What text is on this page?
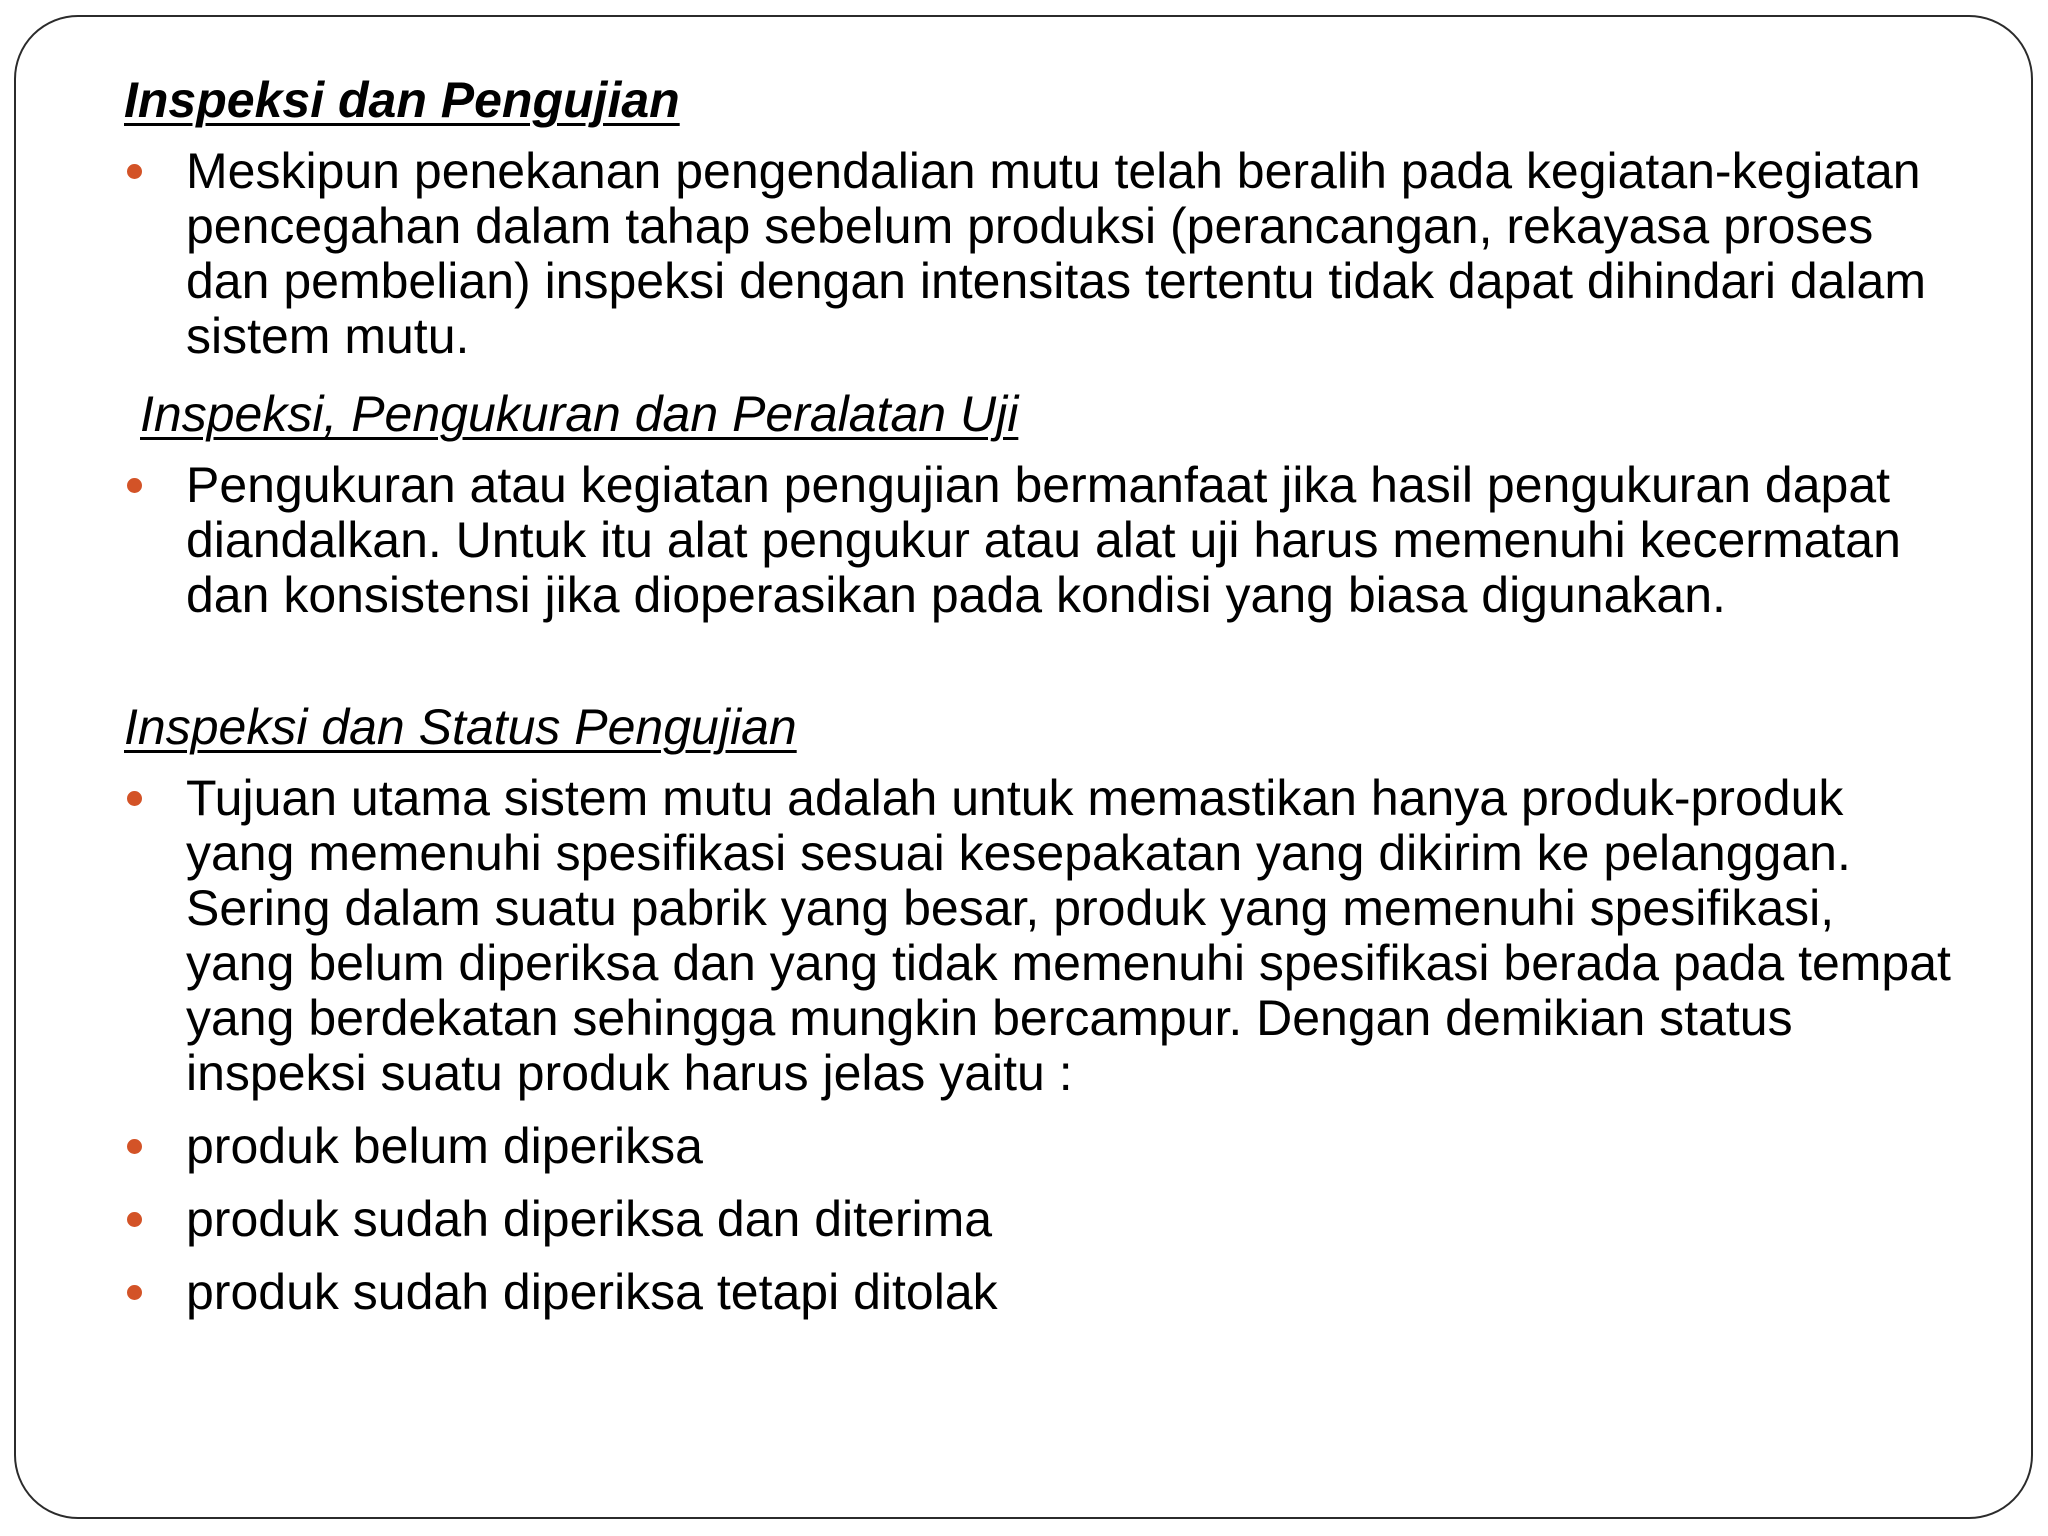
Inspeksi dan Pengujian
Meskipun penekanan pengendalian mutu telah beralih pada kegiatan-kegiatan pencegahan dalam tahap sebelum produksi (perancangan, rekayasa proses dan pembelian) inspeksi dengan intensitas tertentu tidak dapat dihindari dalam sistem mutu.
Inspeksi, Pengukuran dan Peralatan Uji
Pengukuran atau kegiatan pengujian bermanfaat jika hasil pengukuran dapat diandalkan. Untuk itu alat pengukur atau alat uji harus memenuhi kecermatan dan konsistensi jika dioperasikan pada kondisi yang biasa digunakan.
Inspeksi dan Status Pengujian
Tujuan utama sistem mutu adalah untuk memastikan hanya produk-produk yang memenuhi spesifikasi sesuai kesepakatan yang dikirim ke pelanggan. Sering dalam suatu pabrik yang besar, produk yang memenuhi spesifikasi, yang belum diperiksa dan yang tidak memenuhi spesifikasi berada pada tempat yang berdekatan sehingga mungkin bercampur. Dengan demikian status inspeksi suatu produk harus jelas yaitu :
produk belum diperiksa
produk sudah diperiksa dan diterima
produk sudah diperiksa tetapi ditolak
